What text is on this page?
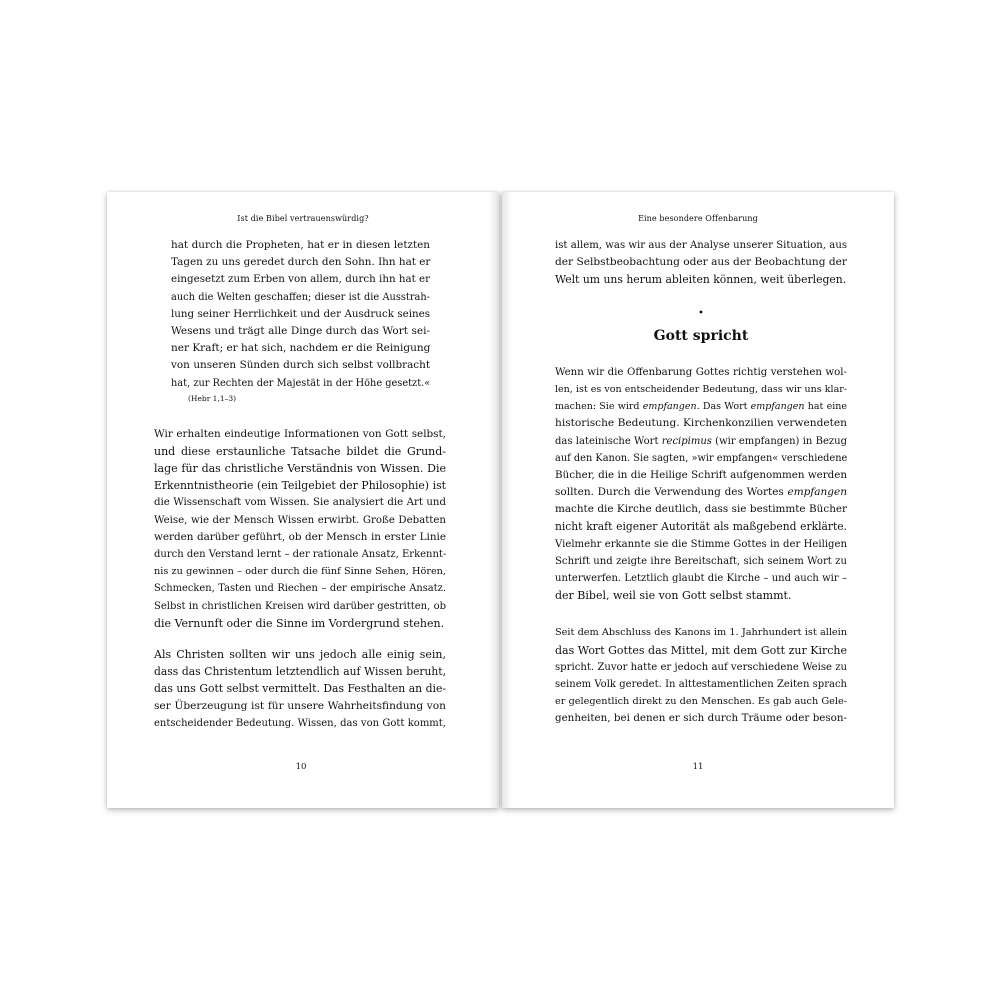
Ist die Bibel vertrauenswürdig?
hat durch die Propheten, hat er in diesen letzten
Tagen zu uns geredet durch den Sohn. Ihn hat er
eingesetzt zum Erben von allem, durch ihn hat er
auch die Welten geschaffen; dieser ist die Ausstrah-
lung seiner Herrlichkeit und der Ausdruck seines
Wesens und trägt alle Dinge durch das Wort sei-
ner Kraft; er hat sich, nachdem er die Reinigung
von unseren Sünden durch sich selbst vollbracht
hat, zur Rechten der Majestät in der Höhe gesetzt.«
(Hebr 1,1–3)
Wir erhalten eindeutige Informationen von Gott selbst,
und diese erstaunliche Tatsache bildet die Grund-
lage für das christliche Verständnis von Wissen. Die
Erkenntnistheorie (ein Teilgebiet der Philosophie) ist
die Wissenschaft vom Wissen. Sie analysiert die Art und
Weise, wie der Mensch Wissen erwirbt. Große Debatten
werden darüber geführt, ob der Mensch in erster Linie
durch den Verstand lernt – der rationale Ansatz, Erkennt-
nis zu gewinnen – oder durch die fünf Sinne Sehen, Hören,
Schmecken, Tasten und Riechen – der empirische Ansatz.
Selbst in christlichen Kreisen wird darüber gestritten, ob
die Vernunft oder die Sinne im Vordergrund stehen.
Als Christen sollten wir uns jedoch alle einig sein,
dass das Christentum letztendlich auf Wissen beruht,
das uns Gott selbst vermittelt. Das Festhalten an die-
ser Überzeugung ist für unsere Wahrheitsfindung von
entscheidender Bedeutung. Wissen, das von Gott kommt,
10
Eine besondere Offenbarung
ist allem, was wir aus der Analyse unserer Situation, aus
der Selbstbeobachtung oder aus der Beobachtung der
Welt um uns herum ableiten können, weit überlegen.
•
Gott spricht
Wenn wir die Offenbarung Gottes richtig verstehen wol-
len, ist es von entscheidender Bedeutung, dass wir uns klar-
machen: Sie wird empfangen. Das Wort empfangen hat eine
historische Bedeutung. Kirchenkonzilien verwendeten
das lateinische Wort recipimus (wir empfangen) in Bezug
auf den Kanon. Sie sagten, »wir empfangen« verschiedene
Bücher, die in die Heilige Schrift aufgenommen werden
sollten. Durch die Verwendung des Wortes empfangen
machte die Kirche deutlich, dass sie bestimmte Bücher
nicht kraft eigener Autorität als maßgebend erklärte.
Vielmehr erkannte sie die Stimme Gottes in der Heiligen
Schrift und zeigte ihre Bereitschaft, sich seinem Wort zu
unterwerfen. Letztlich glaubt die Kirche – und auch wir –
der Bibel, weil sie von Gott selbst stammt.
Seit dem Abschluss des Kanons im 1. Jahrhundert ist allein
das Wort Gottes das Mittel, mit dem Gott zur Kirche
spricht. Zuvor hatte er jedoch auf verschiedene Weise zu
seinem Volk geredet. In alttestamentlichen Zeiten sprach
er gelegentlich direkt zu den Menschen. Es gab auch Gele-
genheiten, bei denen er sich durch Träume oder beson-
11
